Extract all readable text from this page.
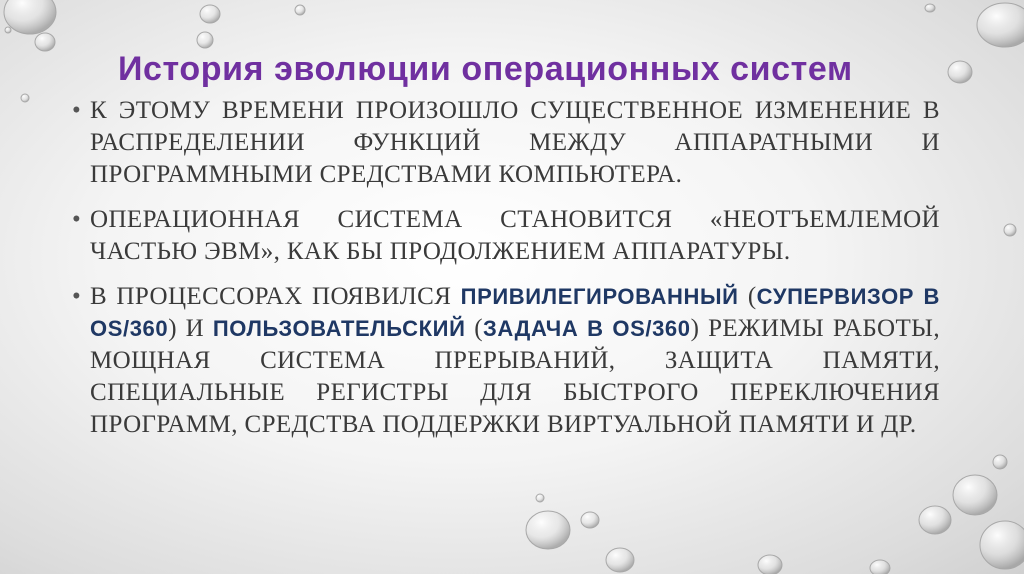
История эволюции операционных систем
• К ЭТОМУ ВРЕМЕНИ ПРОИЗОШЛО СУЩЕСТВЕННОЕ ИЗМЕНЕНИЕ В РАСПРЕДЕЛЕНИИ ФУНКЦИЙ МЕЖДУ АППАРАТНЫМИ И ПРОГРАММНЫМИ СРЕДСТВАМИ КОМПЬЮТЕРА.
• ОПЕРАЦИОННАЯ СИСТЕМА СТАНОВИТСЯ «НЕОТЪЕМЛЕМОЙ ЧАСТЬЮ ЭВМ», КАК БЫ ПРОДОЛЖЕНИЕМ АППАРАТУРЫ.
• В ПРОЦЕССОРАХ ПОЯВИЛСЯ ПРИВИЛЕГИРОВАННЫЙ (СУПЕРВИЗОР В OS/360) И ПОЛЬЗОВАТЕЛЬСКИЙ (ЗАДАЧА В OS/360) РЕЖИМЫ РАБОТЫ, МОЩНАЯ СИСТЕМА ПРЕРЫВАНИЙ, ЗАЩИТА ПАМЯТИ, СПЕЦИАЛЬНЫЕ РЕГИСТРЫ ДЛЯ БЫСТРОГО ПЕРЕКЛЮЧЕНИЯ ПРОГРАММ, СРЕДСТВА ПОДДЕРЖКИ ВИРТУАЛЬНОЙ ПАМЯТИ И ДР.
